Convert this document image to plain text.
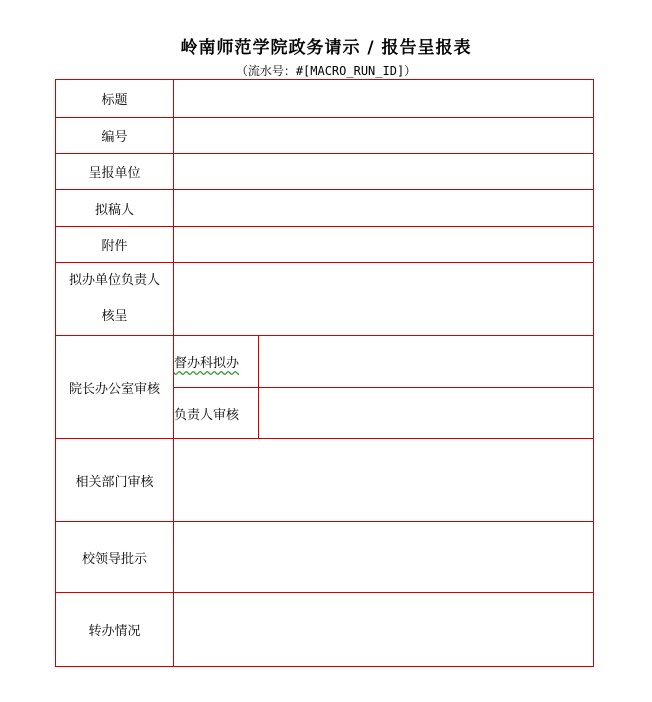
岭南师范学院政务请示 / 报告呈报表
（流水号：#[MACRO_RUN_ID]）
标题		
编号		
呈报单位		
拟稿人		
附件		

拟办单位负责人
核呈		

院长办公室审核	督办科拟办	
	负责人审核	
相关部门审核		
校领导批示		
转办情况		
